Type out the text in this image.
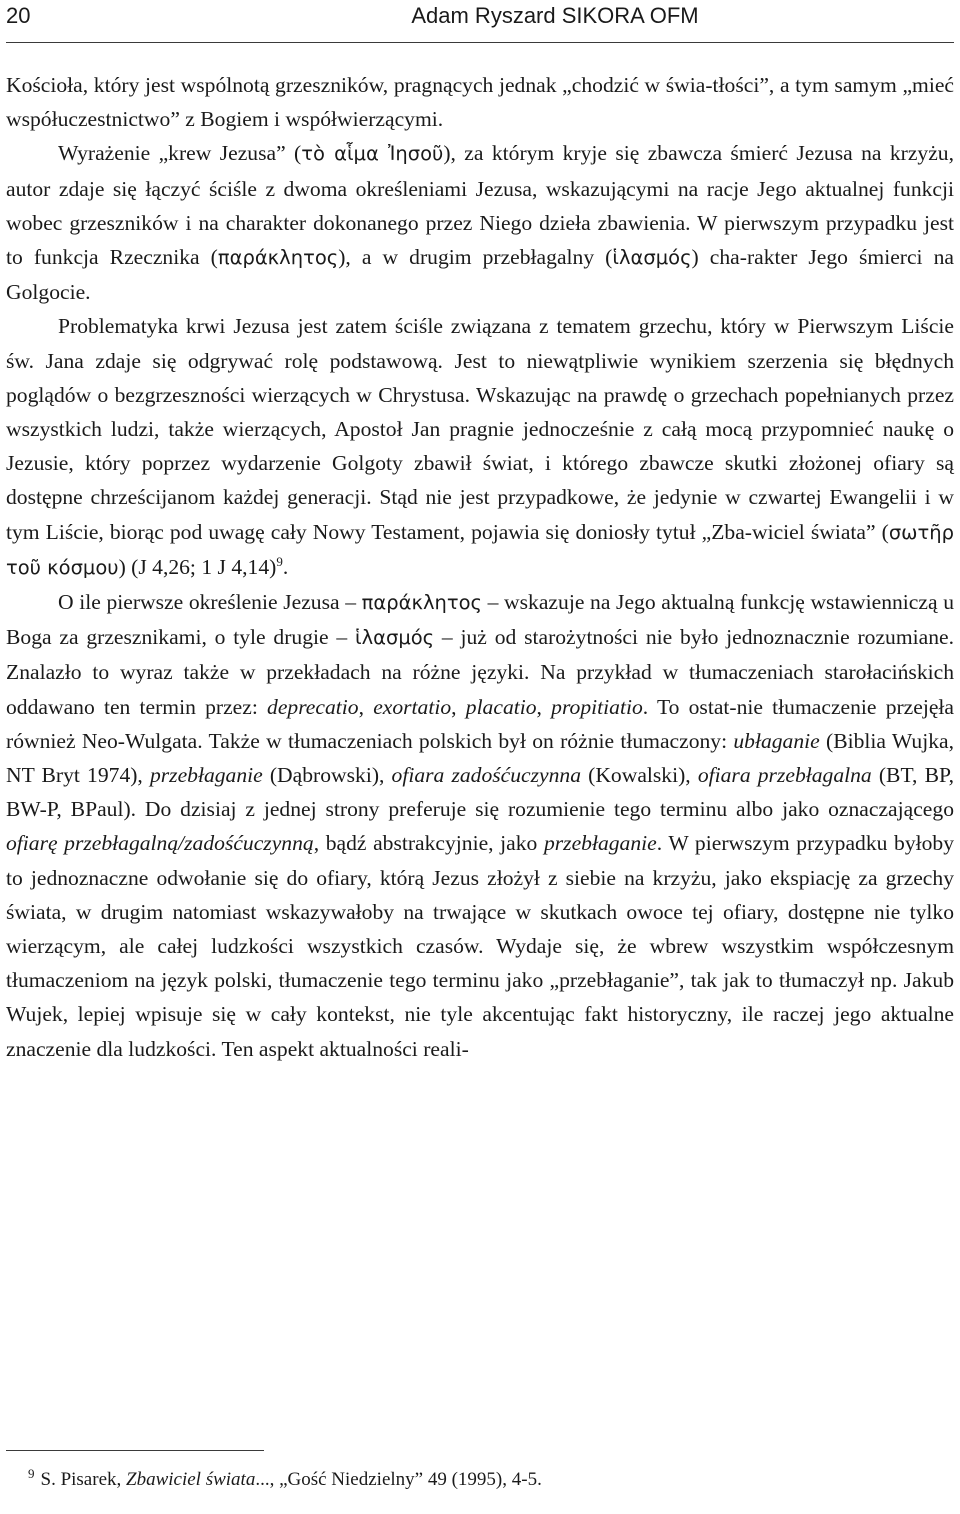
20	Adam Ryszard SIKORA OFM

Kościoła, który jest wspólnotą grzeszników, pragnących jednak „chodzić w świa-tłości”, a tym samym „mieć współuczestnictwo” z Bogiem i współwierzącymi.

Wyrażenie „krew Jezusa” (τὸ αἷμα Ἰησοῦ), za którym kryje się zbawcza śmierć Jezusa na krzyżu, autor zdaje się łączyć ściśle z dwoma określeniami Jezusa, wskazującymi na racje Jego aktualnej funkcji wobec grzeszników i na charakter dokonanego przez Niego dzieła zbawienia. W pierwszym przypadku jest to funkcja Rzecznika (παράκλητος), a w drugim przebłagalny (ἱλασμός) cha-rakter Jego śmierci na Golgocie.

Problematyka krwi Jezusa jest zatem ściśle związana z tematem grzechu, który w Pierwszym Liście św. Jana zdaje się odgrywać rolę podstawową. Jest to niewątpliwie wynikiem szerzenia się błędnych poglądów o bezgrzeszności wierzących w Chrystusa. Wskazując na prawdę o grzechach popełnianych przez wszystkich ludzi, także wierzących, Apostoł Jan pragnie jednocześnie z całą mocą przypomnieć naukę o Jezusie, który poprzez wydarzenie Golgoty zbawił świat, i którego zbawcze skutki złożonej ofiary są dostępne chrześcijanom każdej generacji. Stąd nie jest przypadkowe, że jedynie w czwartej Ewangelii i w tym Liście, biorąc pod uwagę cały Nowy Testament, pojawia się doniosły tytuł „Zba-wiciel świata” (σωτῆρ τοῦ κόσμου) (J 4,26; 1 J 4,14)$^9$.

O ile pierwsze określenie Jezusa – παράκλητος – wskazuje na Jego aktualną funkcję wstawienniczą u Boga za grzesznikami, o tyle drugie – ἱλασμός – już od starożytności nie było jednoznacznie rozumiane. Znalazło to wyraz także w przekładach na różne języki. Na przykład w tłumaczeniach starołacińskich oddawano ten termin przez: deprecatio, exortatio, placatio, propitiatio. To ostat-nie tłumaczenie przejęła również Neo-Wulgata. Także w tłumaczeniach polskich był on różnie tłumaczony: ubłaganie (Biblia Wujka, NT Bryt 1974), przebłaganie (Dąbrowski), ofiara zadośćuczynna (Kowalski), ofiara przebłagalna (BT, BP, BW-P, BPaul). Do dzisiaj z jednej strony preferuje się rozumienie tego terminu albo jako oznaczającego ofiarę przebłagalną/zadośćuczynną, bądź abstrakcyjnie, jako przebłaganie. W pierwszym przypadku byłoby to jednoznaczne odwołanie się do ofiary, którą Jezus złożył z siebie na krzyżu, jako ekspiację za grzechy świata, w drugim natomiast wskazywałoby na trwające w skutkach owoce tej ofiary, dostępne nie tylko wierzącym, ale całej ludzkości wszystkich czasów. Wydaje się, że wbrew wszystkim współczesnym tłumaczeniom na język polski, tłumaczenie tego terminu jako „przebłaganie”, tak jak to tłumaczył np. Jakub Wujek, lepiej wpisuje się w cały kontekst, nie tyle akcentując fakt historyczny, ile raczej jego aktualne znaczenie dla ludzkości. Ten aspekt aktualności reali-

$^9$ S. Pisarek, Zbawiciel świata..., „Gość Niedzielny” 49 (1995), 4-5.
